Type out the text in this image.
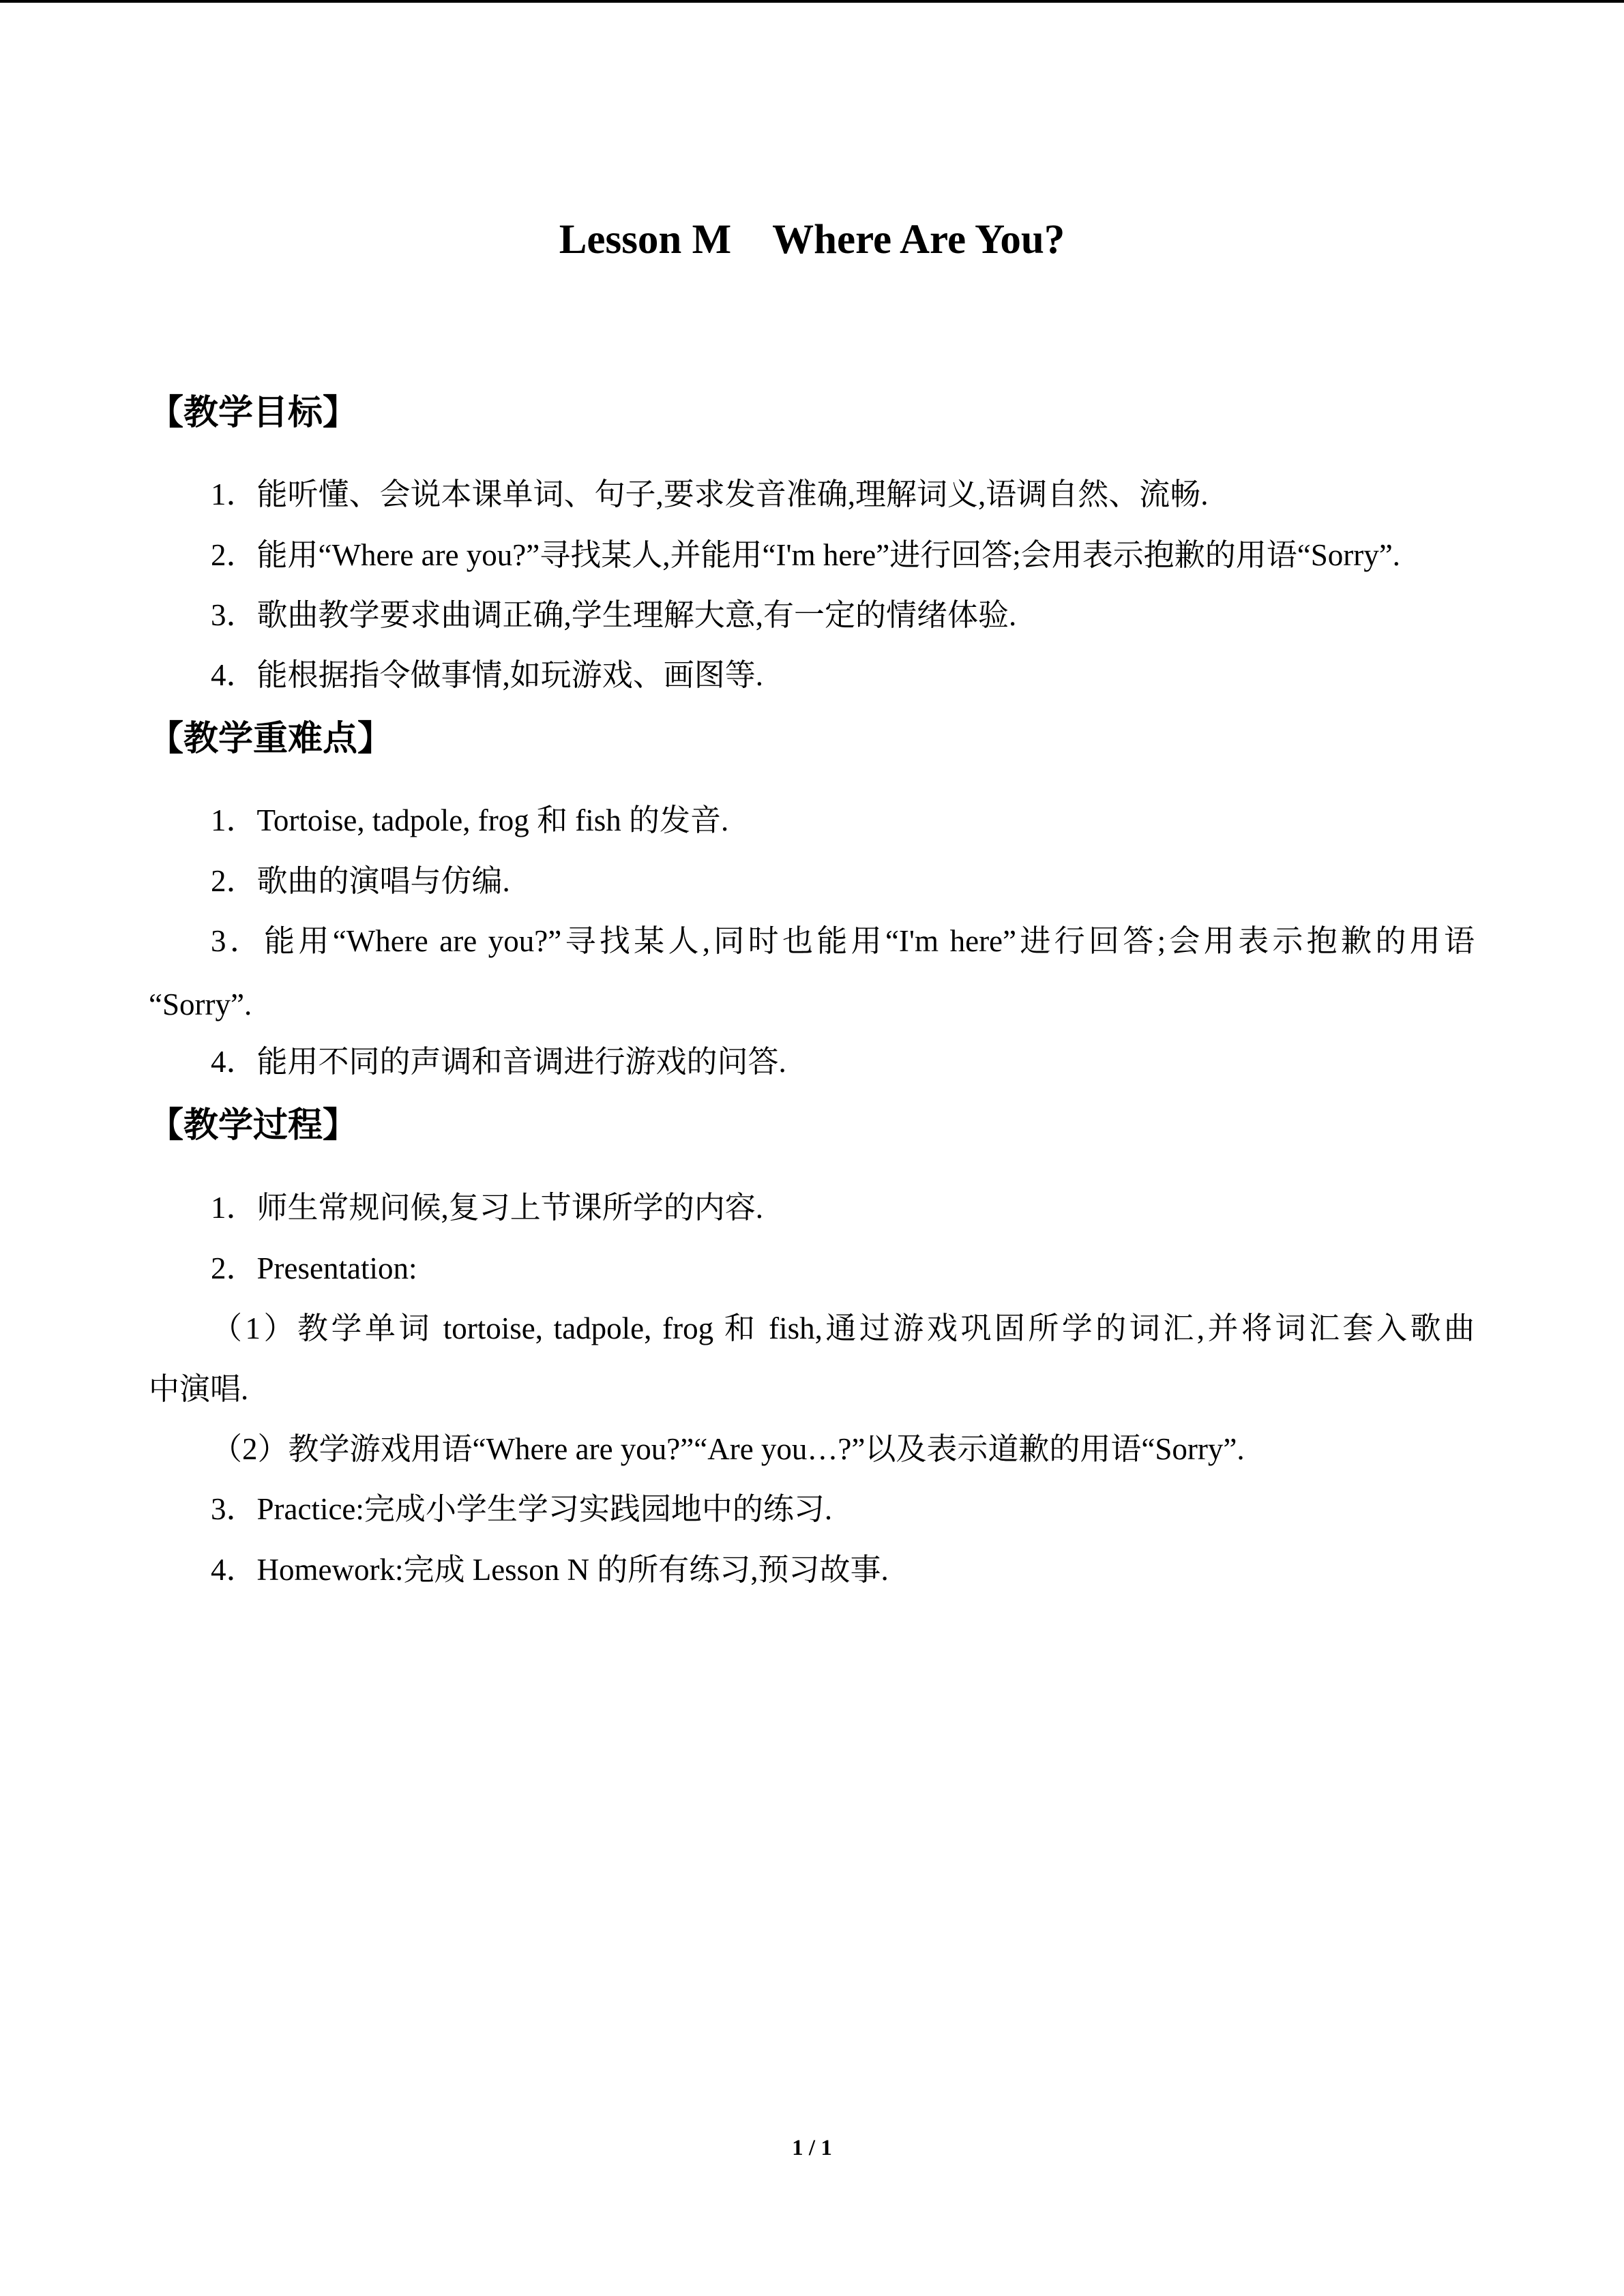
Lesson M    Where Are You?
【教学目标】
1．能听懂、会说本课单词、句子,要求发音准确,理解词义,语调自然、流畅.
2．能用“Where are you?”寻找某人,并能用“I'm here”进行回答;会用表示抱歉的用语“Sorry”.
3．歌曲教学要求曲调正确,学生理解大意,有一定的情绪体验.
4．能根据指令做事情,如玩游戏、画图等.
【教学重难点】
1．Tortoise, tadpole, frog 和 fish 的发音.
2．歌曲的演唱与仿编.
3．能用“Where are you?”寻找某人,同时也能用“I'm here”进行回答;会用表示抱歉的用语
“Sorry”.
4．能用不同的声调和音调进行游戏的问答.
【教学过程】
1．师生常规问候,复习上节课所学的内容.
2．Presentation:
（1）教学单词 tortoise, tadpole, frog 和 fish,通过游戏巩固所学的词汇,并将词汇套入歌曲
中演唱.
（2）教学游戏用语“Where are you?”“Are you…?”以及表示道歉的用语“Sorry”.
3．Practice:完成小学生学习实践园地中的练习.
4．Homework:完成 Lesson N 的所有练习,预习故事.
1 / 1
